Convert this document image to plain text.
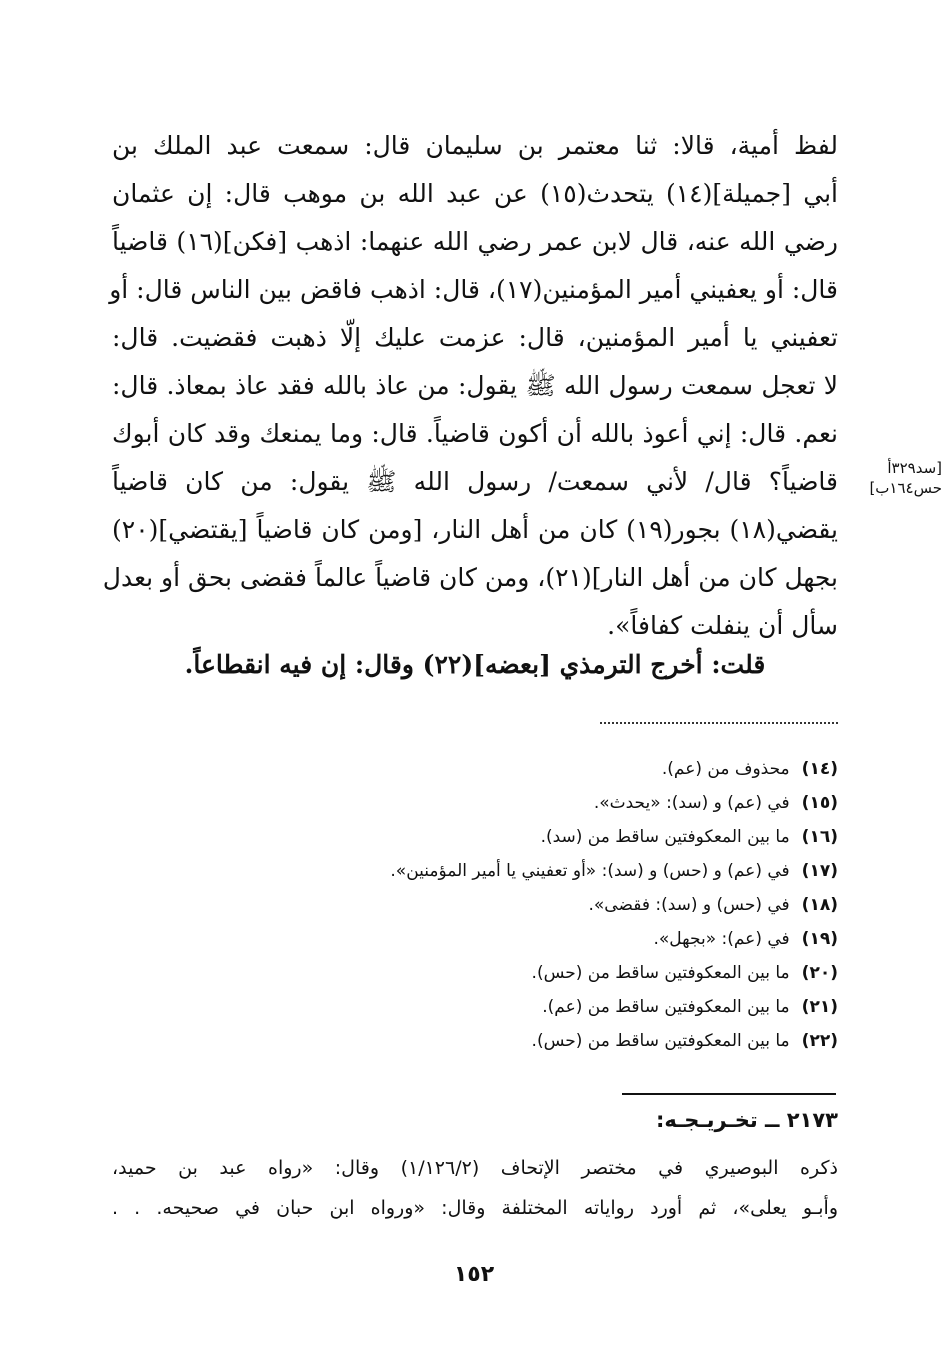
لفظ أمية، قالا: ثنا معتمر بن سليمان قال: سمعت عبد الملك بن
أبي [جميلة](١٤) يتحدث(١٥) عن عبد الله بن موهب قال: إن عثمان
رضي الله عنه، قال لابن عمر رضي الله عنهما: اذهب [فكن](١٦) قاضياً
قال: أو يعفيني أمير المؤمنين(١٧)، قال: اذهب فاقض بين الناس قال: أو
تعفيني يا أمير المؤمنين، قال: عزمت عليك إلّا ذهبت فقضيت. قال:
لا تعجل سمعت رسول الله ﷺ يقول: من عاذ بالله فقد عاذ بمعاذ. قال:
نعم. قال: إني أعوذ بالله أن أكون قاضياً. قال: وما يمنعك وقد كان أبوك
قاضياً؟ قال/ لأني سمعت/ رسول الله ﷺ يقول: من كان قاضياً
يقضي(١٨) بجور(١٩) كان من أهل النار، [ومن كان قاضياً [يقتضي](٢٠)
بجهل كان من أهل النار](٢١)، ومن كان قاضياً عالماً فقضى بحق أو بعدل
سأل أن ينفلت كفافاً».
[سد٣٢٩أ
حس١٦٤ب]
قلت: أخرج الترمذي [بعضه](٢٢) وقال: إن فيه انقطاعاً.
(١٤)محذوف من (عم).
(١٥)في (عم) و (سد): «يحدث».
(١٦)ما بين المعكوفتين ساقط من (سد).
(١٧)في (عم) و (حس) و (سد): «أو تعفيني يا أمير المؤمنين».
(١٨)في (حس) و (سد): فقضى».
(١٩)في (عم): «بجهل».
(٢٠)ما بين المعكوفتين ساقط من (حس).
(٢١)ما بين المعكوفتين ساقط من (عم).
(٢٢)ما بين المعكوفتين ساقط من (حس).
٢١٧٣ ــ تخـريـجـه:
ذكره البوصيري في مختصر الإتحاف (١/١٢٦/٢) وقال: «رواه عبد بن حميد،
وأبـو يعلى»، ثم أورد رواياته المختلفة وقال: «ورواه ابن حبان في صحيحه. . .
١٥٢
